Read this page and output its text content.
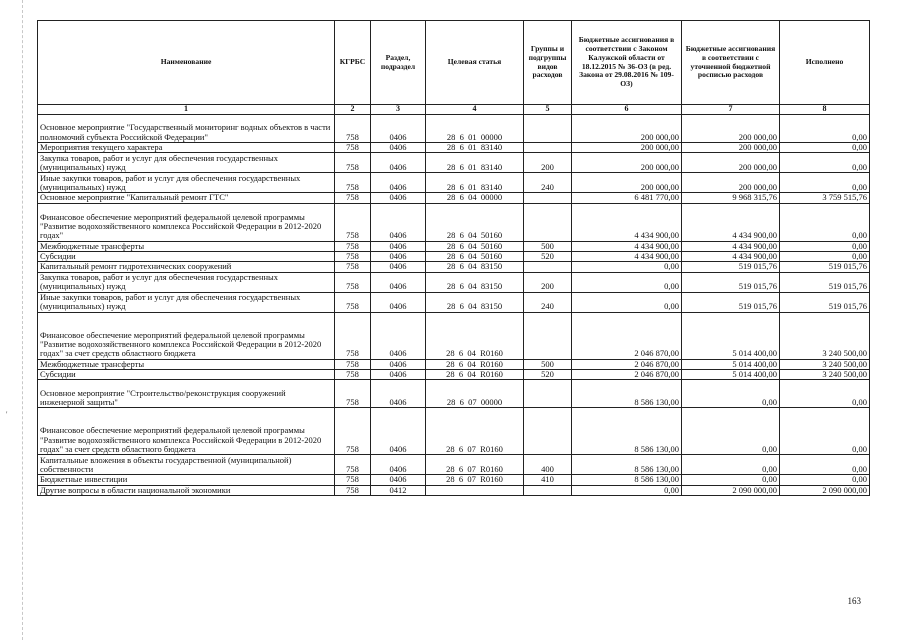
'
Наименование	КГРБС	Раздел, подраздел	Целевая статья	Группы и подгруппы видов расходов	Бюджетные ассигнования в соответствии с Законом Калужской области от 18.12.2015 № 36-ОЗ (в ред. Закона от 29.08.2016 № 109-ОЗ)	Бюджетные ассигнования в соответствии с уточненной бюджетной росписью расходов	Исполнено
1	2	3	4	5	6	7	8
Основное мероприятие "Государственный мониторинг водных объектов в части полномочий субъекта Российской Федерации"	758	0406	28  6  01  00000		200 000,00	200 000,00	0,00
Мероприятия текущего характера	758	0406	28  6  01  83140		200 000,00	200 000,00	0,00
Закупка товаров, работ и услуг для обеспечения государственных (муниципальных) нужд	758	0406	28  6  01  83140	200	200 000,00	200 000,00	0,00
Иные закупки товаров, работ и услуг для обеспечения государственных (муниципальных) нужд	758	0406	28  6  01  83140	240	200 000,00	200 000,00	0,00
Основное мероприятие "Капитальный ремонт ГТС"	758	0406	28  6  04  00000		6 481 770,00	9 968 315,76	3 759 515,76
Финансовое обеспечение мероприятий федеральной целевой программы "Развитие водохозяйственного комплекса Российской Федерации в 2012-2020 годах"	758	0406	28  6  04  50160		4 434 900,00	4 434 900,00	0,00
Межбюджетные трансферты	758	0406	28  6  04  50160	500	4 434 900,00	4 434 900,00	0,00
Субсидии	758	0406	28  6  04  50160	520	4 434 900,00	4 434 900,00	0,00
Капитальный ремонт гидротехнических сооружений	758	0406	28  6  04  83150		0,00	519 015,76	519 015,76
Закупка товаров, работ и услуг для обеспечения государственных (муниципальных) нужд	758	0406	28  6  04  83150	200	0,00	519 015,76	519 015,76
Иные закупки товаров, работ и услуг для обеспечения государственных (муниципальных) нужд	758	0406	28  6  04  83150	240	0,00	519 015,76	519 015,76
Финансовое обеспечение мероприятий федеральной целевой программы "Развитие водохозяйственного комплекса Российской Федерации в 2012-2020 годах" за счет средств областного бюджета	758	0406	28  6  04  R0160		2 046 870,00	5 014 400,00	3 240 500,00
Межбюджетные трансферты	758	0406	28  6  04  R0160	500	2 046 870,00	5 014 400,00	3 240 500,00
Субсидии	758	0406	28  6  04  R0160	520	2 046 870,00	5 014 400,00	3 240 500,00
Основное мероприятие "Строительство/реконструкция сооружений инженерной защиты"	758	0406	28  6  07  00000		8 586 130,00	0,00	0,00
Финансовое обеспечение мероприятий федеральной целевой программы "Развитие водохозяйственного комплекса Российской Федерации в 2012-2020 годах" за счет средств областного бюджета	758	0406	28  6  07  R0160		8 586 130,00	0,00	0,00
Капитальные вложения в объекты государственной (муниципальной) собственности	758	0406	28  6  07  R0160	400	8 586 130,00	0,00	0,00
Бюджетные инвестиции	758	0406	28  6  07  R0160	410	8 586 130,00	0,00	0,00
Другие вопросы в области национальной экономики	758	0412			0,00	2 090 000,00	2 090 000,00
163
